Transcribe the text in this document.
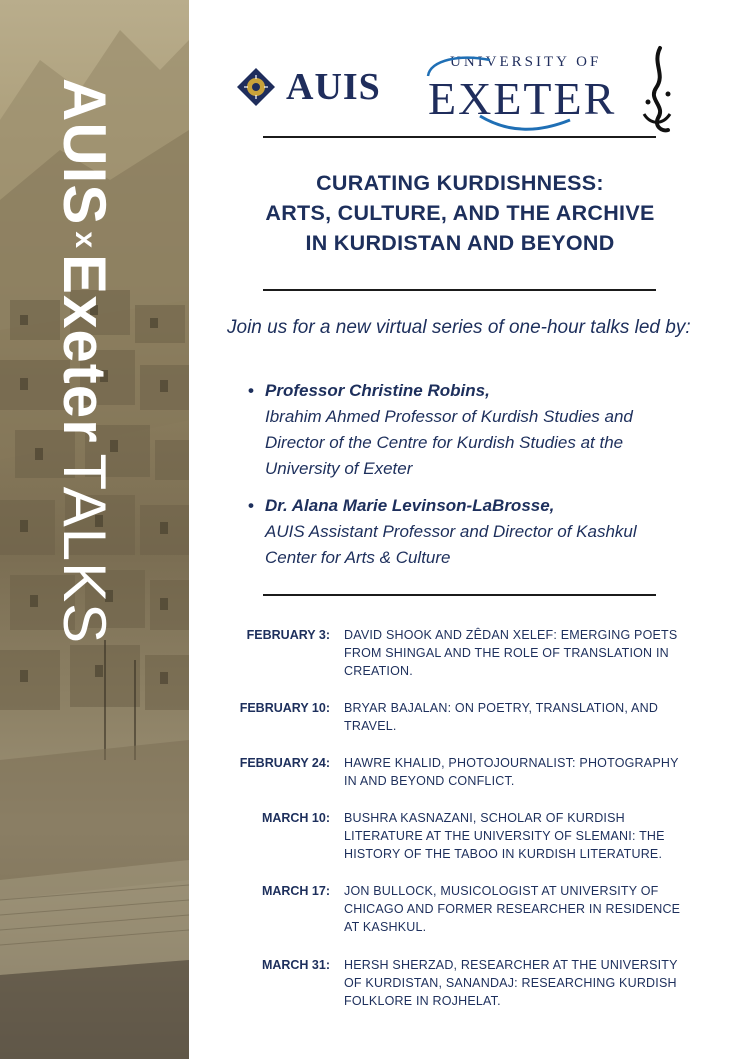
AUIS
x
Exeter
TALKS
AUIS
UNIVERSITY OF
EXETER
CURATING KURDISHNESS:
ARTS, CULTURE, AND THE ARCHIVE
IN KURDISTAN AND BEYOND
Join us for a new virtual series of one-hour talks led by:
• Professor Christine Robins,
Ibrahim Ahmed Professor of Kurdish Studies and Director of the Centre for Kurdish Studies at the University of Exeter
• Dr. Alana Marie Levinson-LaBrosse,
AUIS Assistant Professor and Director of Kashkul Center for Arts & Culture
FEBRUARY 3: DAVID SHOOK AND ZÊDAN XELEF: EMERGING POETS FROM SHINGAL AND THE ROLE OF TRANSLATION IN CREATION.
FEBRUARY 10: BRYAR BAJALAN: ON POETRY, TRANSLATION, AND TRAVEL.
FEBRUARY 24: HAWRE KHALID, PHOTOJOURNALIST: PHOTOGRAPHY IN AND BEYOND CONFLICT.
MARCH 10: BUSHRA KASNAZANI, SCHOLAR OF KURDISH LITERATURE AT THE UNIVERSITY OF SLEMANI: THE HISTORY OF THE TABOO IN KURDISH LITERATURE.
MARCH 17: JON BULLOCK, MUSICOLOGIST AT UNIVERSITY OF CHICAGO AND FORMER RESEARCHER IN RESIDENCE AT KASHKUL.
MARCH 31: HERSH SHERZAD, RESEARCHER AT THE UNIVERSITY OF KURDISTAN, SANANDAJ: RESEARCHING KURDISH FOLKLORE IN ROJHELAT.
